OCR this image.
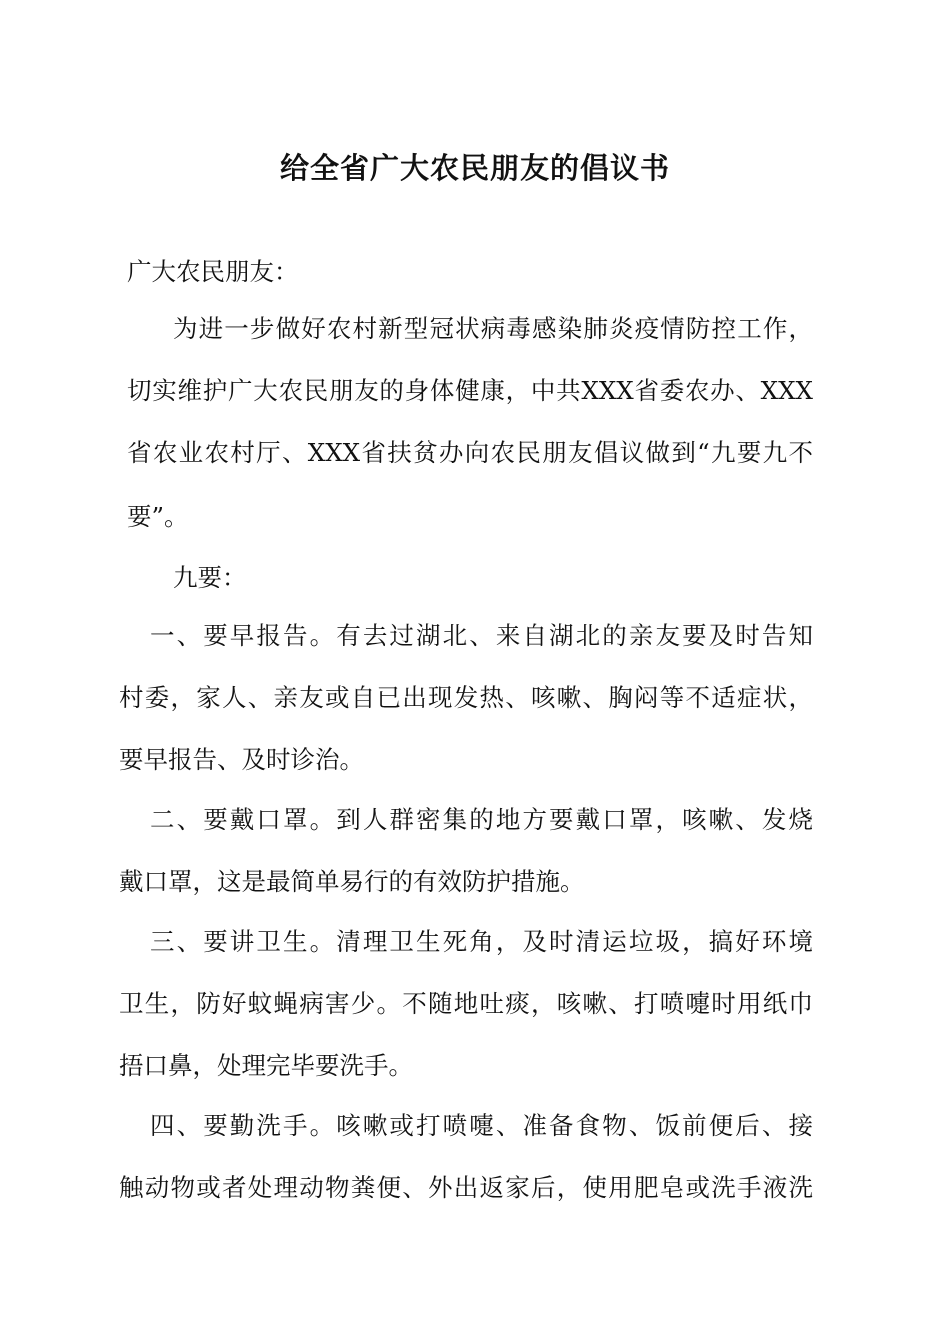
给全省广大农民朋友的倡议书
广大农民朋友：
为进一步做好农村新型冠状病毒感染肺炎疫情防控工作，
切实维护广大农民朋友的身体健康，中共XXX省委农办、XXX
省农业农村厅、XXX省扶贫办向农民朋友倡议做到“九要九不
要”。
九要：
一、要早报告。有去过湖北、来自湖北的亲友要及时告知
村委，家人、亲友或自已出现发热、咳嗽、胸闷等不适症状，
要早报告、及时诊治。
二、要戴口罩。到人群密集的地方要戴口罩，咳嗽、发烧
戴口罩，这是最简单易行的有效防护措施。
三、要讲卫生。清理卫生死角，及时清运垃圾，搞好环境
卫生，防好蚊蝇病害少。不随地吐痰，咳嗽、打喷嚏时用纸巾
捂口鼻，处理完毕要洗手。
四、要勤洗手。咳嗽或打喷嚏、准备食物、饭前便后、接
触动物或者处理动物粪便、外出返家后，使用肥皂或洗手液洗
